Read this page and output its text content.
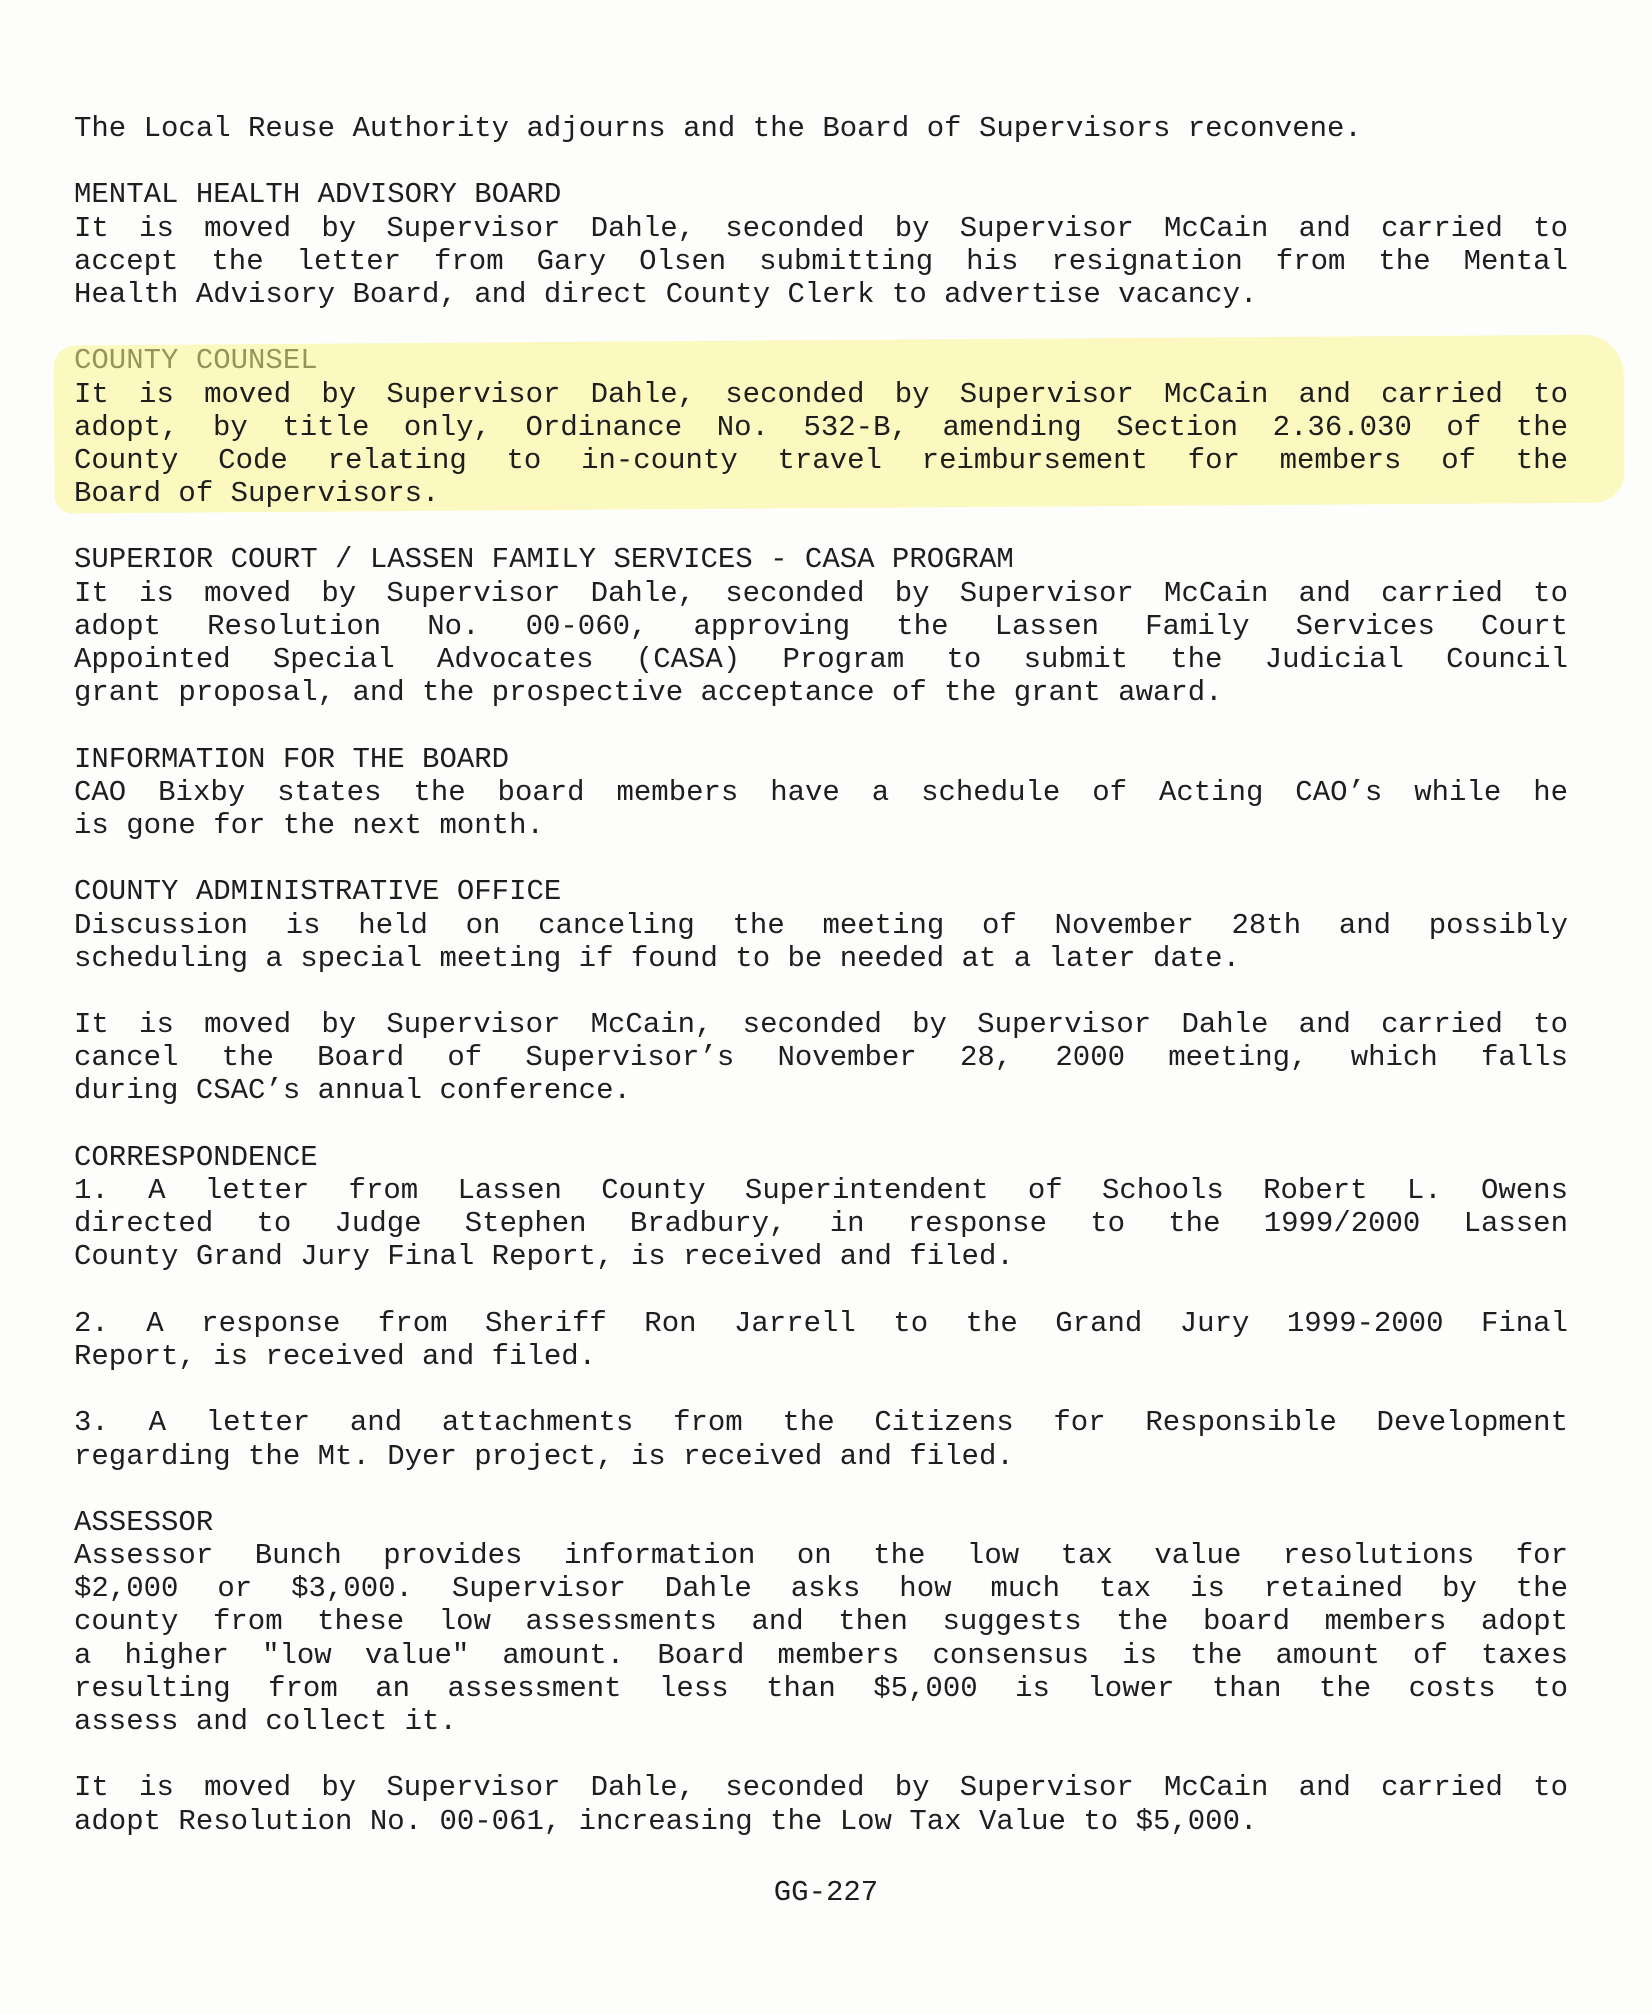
The Local Reuse Authority adjourns and the Board of Supervisors reconvene.
MENTAL HEALTH ADVISORY BOARD
It is moved by Supervisor Dahle, seconded by Supervisor McCain and carried to
accept the letter from Gary Olsen submitting his resignation from the Mental
Health Advisory Board, and direct County Clerk to advertise vacancy.
It is moved by Supervisor Dahle, seconded by Supervisor McCain and carried to
adopt, by title only, Ordinance No. 532-B, amending Section 2.36.030 of the
County Code relating to in-county travel reimbursement for members of the
Board of Supervisors.
SUPERIOR COURT / LASSEN FAMILY SERVICES - CASA PROGRAM
It is moved by Supervisor Dahle, seconded by Supervisor McCain and carried to
adopt Resolution No. 00-060, approving the Lassen Family Services Court
Appointed Special Advocates (CASA) Program to submit the Judicial Council
grant proposal, and the prospective acceptance of the grant award.
INFORMATION FOR THE BOARD
CAO Bixby states the board members have a schedule of Acting CAO’s while he
is gone for the next month.
COUNTY ADMINISTRATIVE OFFICE
Discussion is held on canceling the meeting of November 28th and possibly
scheduling a special meeting if found to be needed at a later date.
It is moved by Supervisor McCain, seconded by Supervisor Dahle and carried to
cancel the Board of Supervisor’s November 28, 2000 meeting, which falls
during CSAC’s annual conference.
CORRESPONDENCE
1. A letter from Lassen County Superintendent of Schools Robert L. Owens
directed to Judge Stephen Bradbury, in response to the 1999/2000 Lassen
County Grand Jury Final Report, is received and filed.
2. A response from Sheriff Ron Jarrell to the Grand Jury 1999-2000 Final
Report, is received and filed.
3. A letter and attachments from the Citizens for Responsible Development
regarding the Mt. Dyer project, is received and filed.
ASSESSOR
Assessor Bunch provides information on the low tax value resolutions for
$2,000 or $3,000. Supervisor Dahle asks how much tax is retained by the
county from these low assessments and then suggests the board members adopt
a higher "low value" amount. Board members consensus is the amount of taxes
resulting from an assessment less than $5,000 is lower than the costs to
assess and collect it.
It is moved by Supervisor Dahle, seconded by Supervisor McCain and carried to
adopt Resolution No. 00-061, increasing the Low Tax Value to $5,000.
GG-227
